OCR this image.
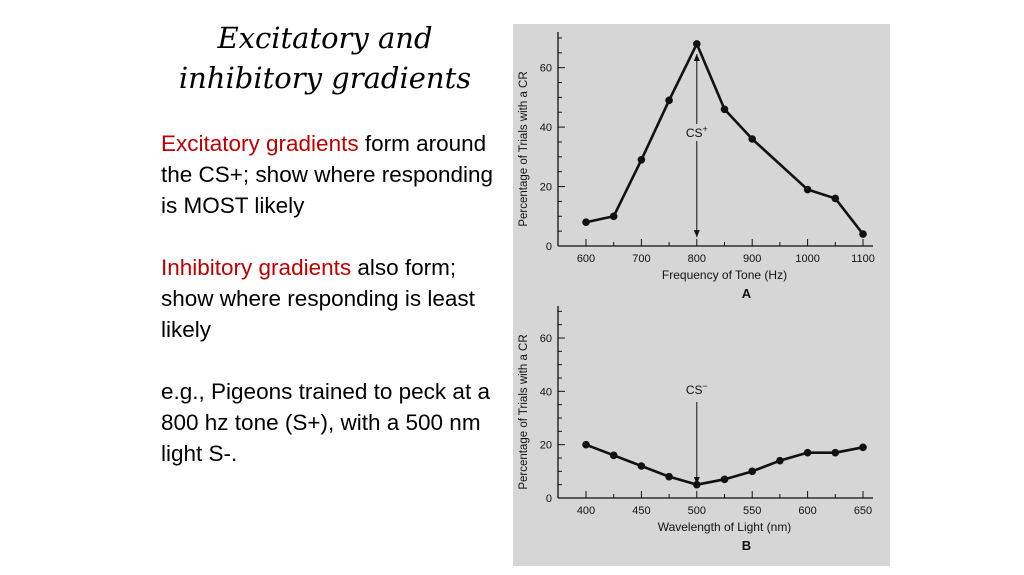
Excitatory and
inhibitory gradients

Excitatory gradients form around the CS+; show where responding is MOST likely

Inhibitory gradients also form; show where responding is least likely

e.g., Pigeons trained to peck at a 800 hz tone (S+), with a 500 nm light S-.

0
20
40
60
600	700	800	900	1000	1100
Frequency of Tone (Hz)
Percentage of Trials with a CR
A
CS+
0
20
40
60
400	450	500	550	600	650
Wavelength of Light (nm)
Percentage of Trials with a CR
B
CS−
